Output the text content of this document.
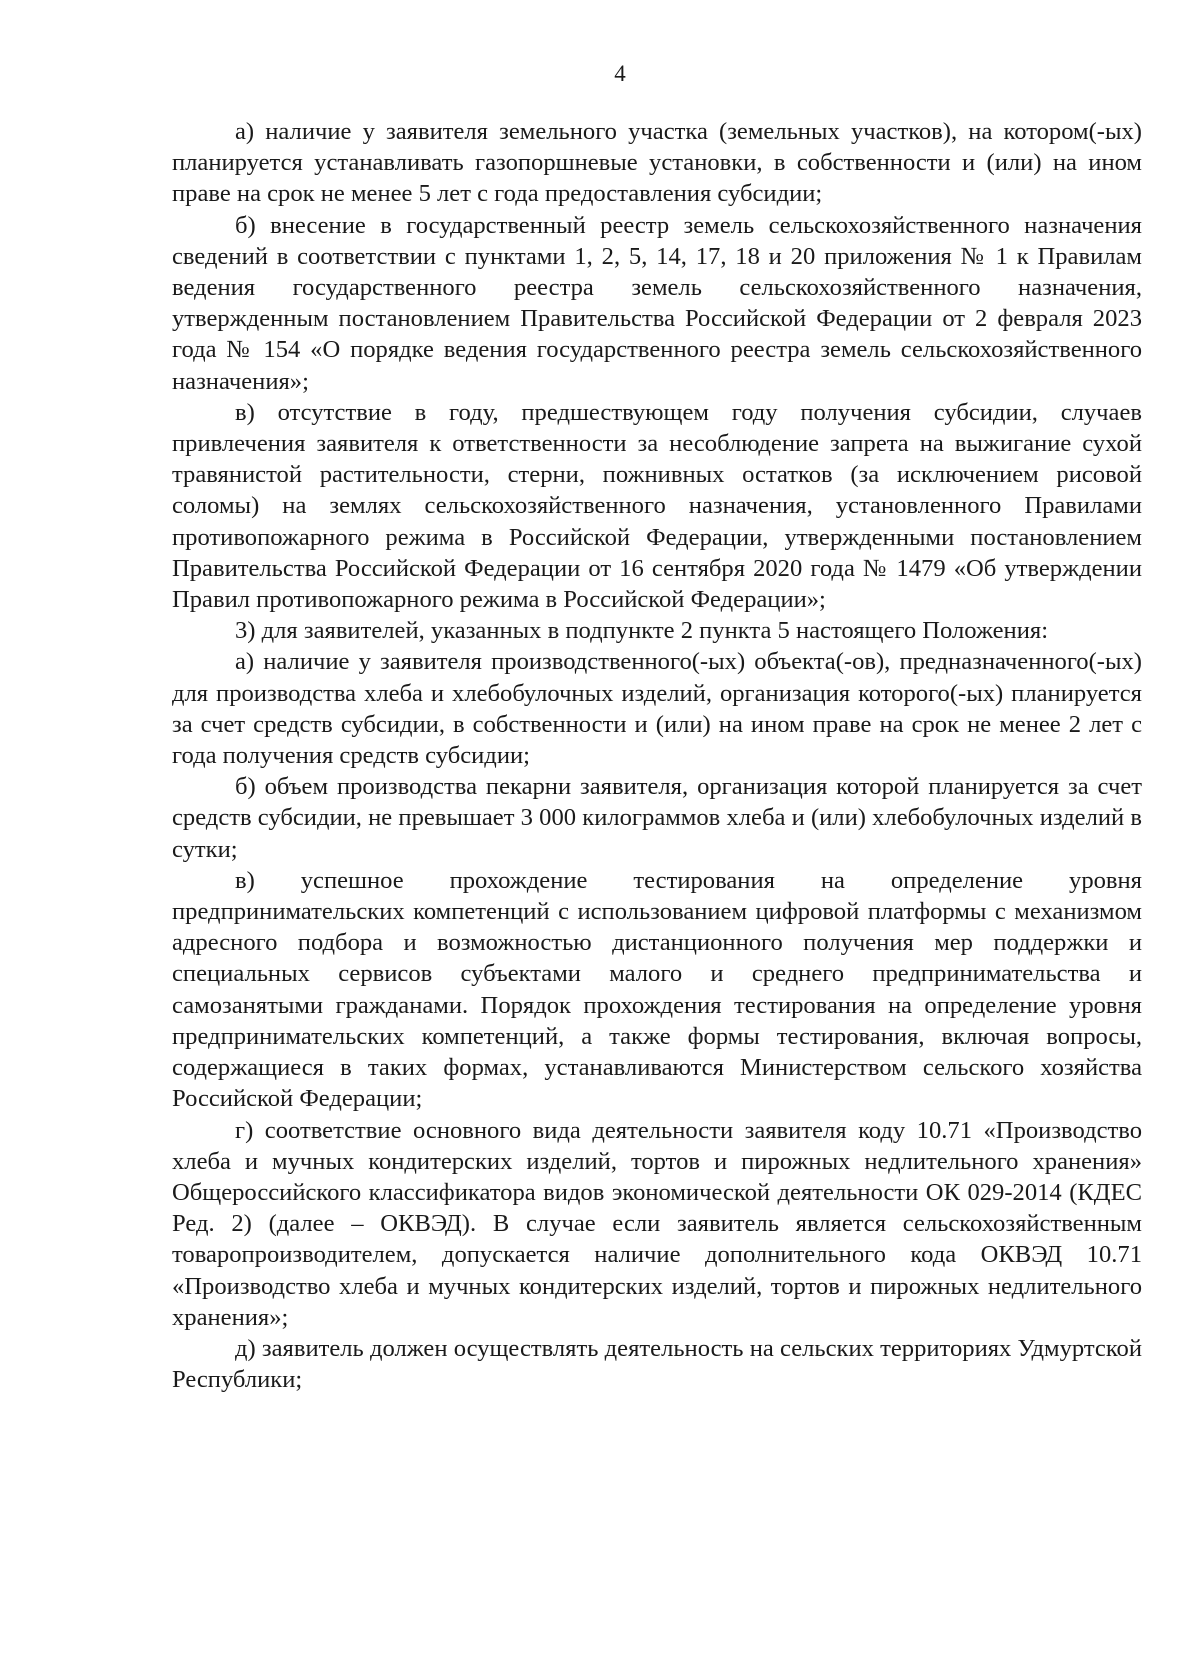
4

а) наличие у заявителя земельного участка (земельных участков), на котором(-ых) планируется устанавливать газопоршневые установки, в собственности и (или) на ином праве на срок не менее 5 лет с года предоставления субсидии;

б) внесение в государственный реестр земель сельскохозяйственного назначения сведений в соответствии с пунктами 1, 2, 5, 14, 17, 18 и 20 приложения № 1 к Правилам ведения государственного реестра земель сельскохозяйственного назначения, утвержденным постановлением Правительства Российской Федерации от 2 февраля 2023 года № 154 «О порядке ведения государственного реестра земель сельскохозяйственного назначения»;

в) отсутствие в году, предшествующем году получения субсидии, случаев привлечения заявителя к ответственности за несоблюдение запрета на выжигание сухой травянистой растительности, стерни, пожнивных остатков (за исключением рисовой соломы) на землях сельскохозяйственного назначения, установленного Правилами противопожарного режима в Российской Федерации, утвержденными постановлением Правительства Российской Федерации от 16 сентября 2020 года № 1479 «Об утверждении Правил противопожарного режима в Российской Федерации»;

3) для заявителей, указанных в подпункте 2 пункта 5 настоящего Положения:

а) наличие у заявителя производственного(-ых) объекта(-ов), предназначенного(-ых) для производства хлеба и хлебобулочных изделий, организация которого(-ых) планируется за счет средств субсидии, в собственности и (или) на ином праве на срок не менее 2 лет с года получения средств субсидии;

б) объем производства пекарни заявителя, организация которой планируется за счет средств субсидии, не превышает 3 000 килограммов хлеба и (или) хлебобулочных изделий в сутки;

в) успешное прохождение тестирования на определение уровня предпринимательских компетенций с использованием цифровой платформы с механизмом адресного подбора и возможностью дистанционного получения мер поддержки и специальных сервисов субъектами малого и среднего предпринимательства и самозанятыми гражданами. Порядок прохождения тестирования на определение уровня предпринимательских компетенций, а также формы тестирования, включая вопросы, содержащиеся в таких формах, устанавливаются Министерством сельского хозяйства Российской Федерации;

г) соответствие основного вида деятельности заявителя коду 10.71 «Производство хлеба и мучных кондитерских изделий, тортов и пирожных недлительного хранения» Общероссийского классификатора видов экономической деятельности ОК 029-2014 (КДЕС Ред. 2) (далее – ОКВЭД). В случае если заявитель является сельскохозяйственным товаропроизводителем, допускается наличие дополнительного кода ОКВЭД 10.71 «Производство хлеба и мучных кондитерских изделий, тортов и пирожных недлительного хранения»;

д) заявитель должен осуществлять деятельность на сельских территориях Удмуртской Республики;
